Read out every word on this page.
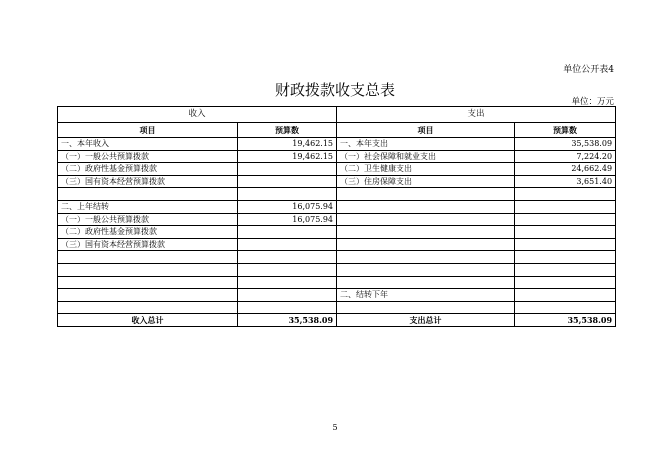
单位公开表4
财政拨款收支总表
单位：万元
收入		支出	
项目	预算数	项目	预算数
一、本年收入	19,462.15	一、本年支出	35,538.09
（一）一般公共预算拨款	19,462.15	（一）社会保障和就业支出	7,224.20
（二）政府性基金预算拨款		（二）卫生健康支出	24,662.49
（三）国有资本经营预算拨款		（三）住房保障支出	3,651.40

二、上年结转	16,075.94		
（一）一般公共预算拨款	16,075.94		
（二）政府性基金预算拨款			
（三）国有资本经营预算拨款			

		二、结转下年	

收入总计	35,538.09	支出总计	35,538.09
5
